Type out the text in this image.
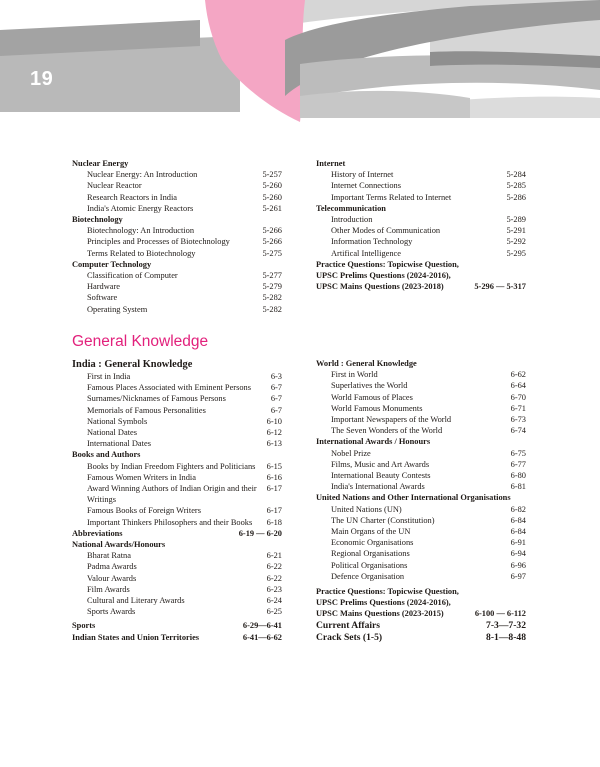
19
Nuclear Energy
Nuclear Energy: An Introduction	5-257
Nuclear Reactor	5-260
Research Reactors in India	5-260
India's Atomic Energy Reactors	5-261
Biotechnology
Biotechnology: An Introduction	5-266
Principles and Processes of Biotechnology	5-266
Terms Related to Biotechnology	5-275
Computer Technology
Classification of Computer	5-277
Hardware	5-279
Software	5-282
Operating System	5-282
Internet
History of Internet	5-284
Internet Connections	5-285
Important Terms Related to Internet	5-286
Telecommunication
Introduction	5-289
Other Modes of Communication	5-291
Information Technology	5-292
Artifical Intelligence	5-295
Practice Questions: Topicwise Question, UPSC Prelims Questions (2024-2016), UPSC Mains Questions (2023-2018)	5-296 — 5-317
General Knowledge
India : General Knowledge
First in India	6-3
Famous Places Associated with Eminent Persons	6-7
Surnames/Nicknames of Famous Persons	6-7
Memorials of Famous Personalities	6-7
National Symbols	6-10
National Dates	6-12
International Dates	6-13
Books and Authors
Books by Indian Freedom Fighters and Politicians	6-15
Famous Women Writers in India	6-16
Award Winning Authors of Indian Origin and their Writings
6-17
Famous Books of Foreign Writers	6-17
Important Thinkers Philosophers and their Books	6-18
Abbreviations	6-19 — 6-20
National Awards/Honours
Bharat Ratna	6-21
Padma Awards	6-22
Valour Awards	6-22
Film Awards	6-23
Cultural and Literary Awards	6-24
Sports Awards	6-25
Sports	6-29—6-41
Indian States and Union Territories	6-41—6-62
World : General Knowledge
First in World	6-62
Superlatives the World	6-64
World Famous of Places	6-70
World Famous Monuments	6-71
Important Newspapers of the World	6-73
The Seven Wonders of the World	6-74
International Awards / Honours
Nobel Prize	6-75
Films, Music and Art Awards	6-77
International Beauty Contests	6-80
India's International Awards	6-81
United Nations and Other International Organisations
United Nations (UN)	6-82
The UN Charter (Constitution)	6-84
Main Organs of the UN	6-84
Economic Organisations	6-91
Regional Organisations	6-94
Political Organisations	6-96
Defence Organisation	6-97
Practice Questions: Topicwise Question, UPSC Prelims Questions (2024-2016), UPSC Mains Questions (2023-2015)	6-100 — 6-112
Current Affairs	7-3—7-32
Crack Sets (1-5)	8-1—8-48
